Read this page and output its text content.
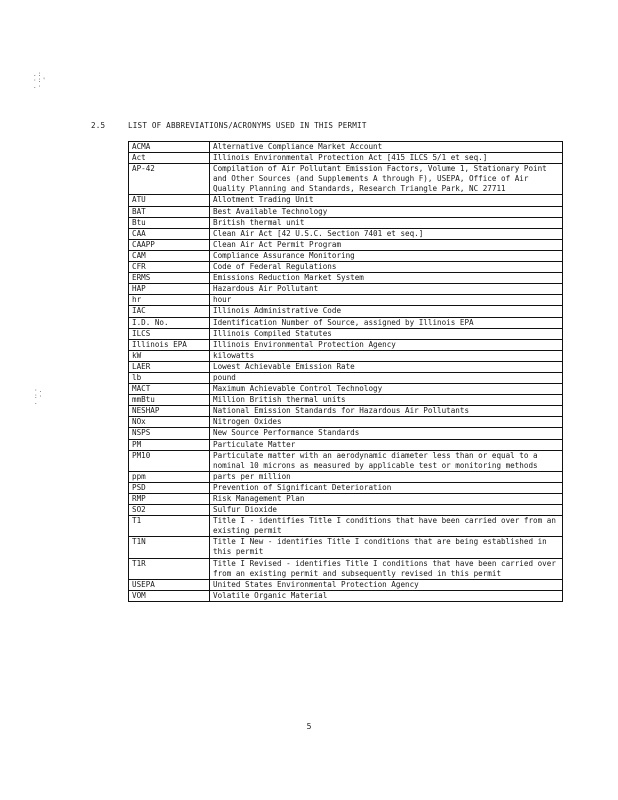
.:
·:'
.·
·.
:·
.
2.5	LIST OF ABBREVIATIONS/ACRONYMS USED IN THIS PERMIT
ACMA	Alternative Compliance Market Account
Act	Illinois Environmental Protection Act [415 ILCS 5/1 et seq.]
AP-42	Compilation of Air Pollutant Emission Factors, Volume 1, Stationary Point and Other Sources (and Supplements A through F), USEPA, Office of Air Quality Planning and Standards, Research Triangle Park, NC 27711
ATU	Allotment Trading Unit
BAT	Best Available Technology
Btu	British thermal unit
CAA	Clean Air Act [42 U.S.C. Section 7401 et seq.]
CAAPP	Clean Air Act Permit Program
CAM	Compliance Assurance Monitoring
CFR	Code of Federal Regulations
ERMS	Emissions Reduction Market System
HAP	Hazardous Air Pollutant
hr	hour
IAC	Illinois Administrative Code
I.D. No.	Identification Number of Source, assigned by Illinois EPA
ILCS	Illinois Compiled Statutes
Illinois EPA	Illinois Environmental Protection Agency
kW	kilowatts
LAER	Lowest Achievable Emission Rate
lb	pound
MACT	Maximum Achievable Control Technology
mmBtu	Million British thermal units
NESHAP	National Emission Standards for Hazardous Air Pollutants
NOx	Nitrogen Oxides
NSPS	New Source Performance Standards
PM	Particulate Matter
PM10	Particulate matter with an aerodynamic diameter less than or equal to a nominal 10 microns as measured by applicable test or monitoring methods
ppm	parts per million
PSD	Prevention of Significant Deterioration
RMP	Risk Management Plan
SO2	Sulfur Dioxide
T1	Title I - identifies Title I conditions that have been carried over from an existing permit
T1N	Title I New - identifies Title I conditions that are being established in this permit
T1R	Title I Revised - identifies Title I conditions that have been carried over from an existing permit and subsequently revised in this permit
USEPA	United States Environmental Protection Agency
VOM	Volatile Organic Material
5
